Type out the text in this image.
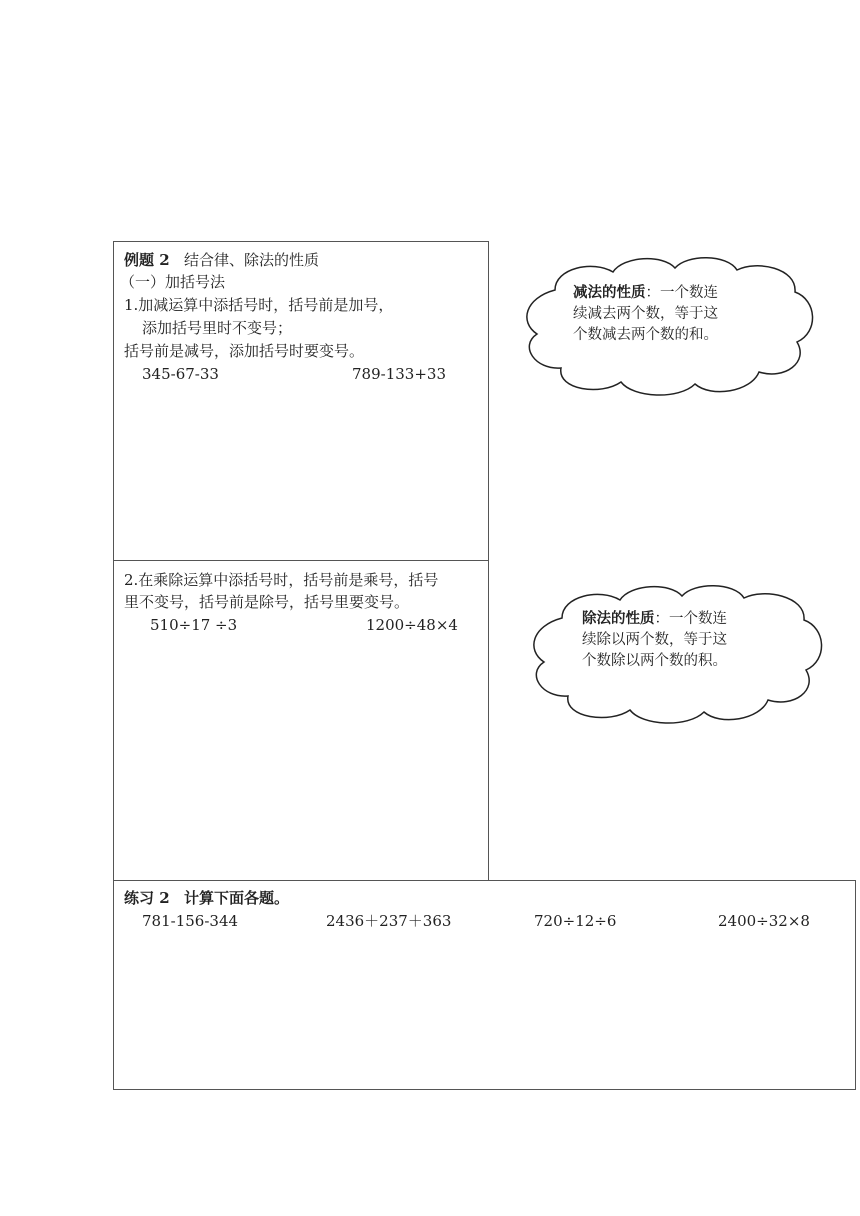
例题 2 结合律、除法的性质
（一）加括号法
1.加减运算中添括号时，括号前是加号，
添加括号里时不变号；
括号前是减号，添加括号时要变号。
345-67-33	789-133+33
2.在乘除运算中添括号时，括号前是乘号，括号
里不变号，括号前是除号，括号里要变号。
510÷17 ÷3	1200÷48×4
减法的性质：一个数连
续减去两个数，等于这
个数减去两个数的和。
除法的性质：一个数连
续除以两个数，等于这
个数除以两个数的积。
练习 2 计算下面各题。
781-156-344	2436＋237＋363	720÷12÷6	2400÷32×8
